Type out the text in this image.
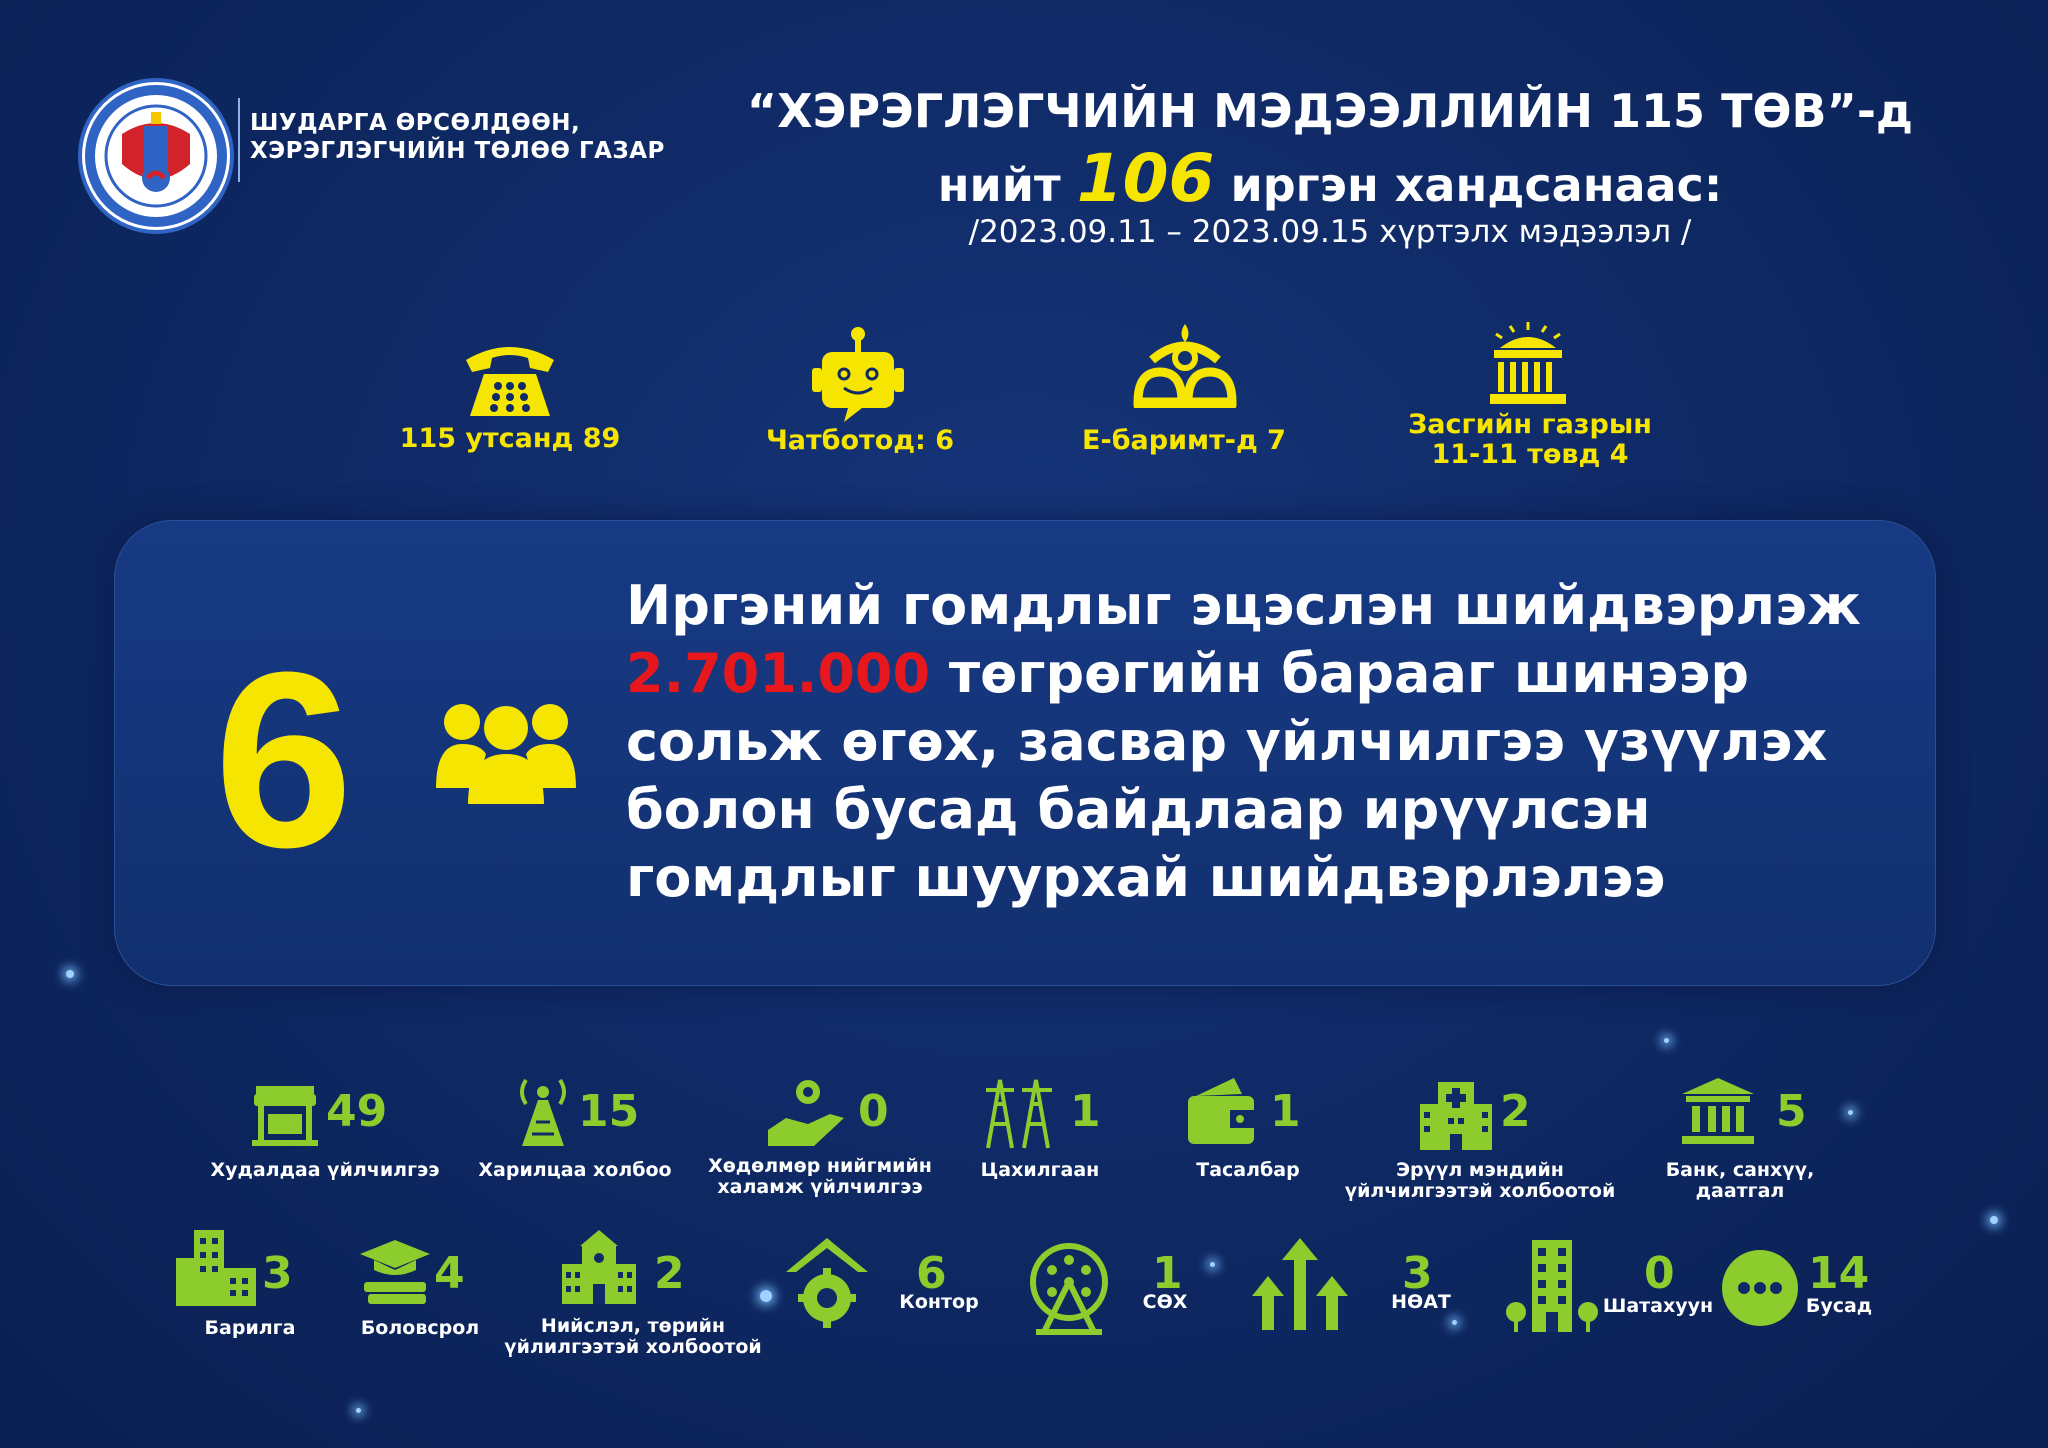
ШУДАРГА ӨРСӨЛДӨӨН,
ХЭРЭГЛЭГЧИЙН ТӨЛӨӨ ГАЗАР
“ХЭРЭГЛЭГЧИЙН МЭДЭЭЛЛИЙН 115 ТӨВ”-д
нийт 106 иргэн хандсанаас:
/2023.09.11 – 2023.09.15 хүртэлх мэдээлэл /
115 утсанд 89	Чатботод: 6	Е-баримт-д 7
Засгийн газрын
11-11 төвд 4
6
Иргэний гомдлыг эцэслэн шийдвэрлэж
2.701.000 төгрөгийн барааг шинээр
сольж өгөх, засвар үйлчилгээ үзүүлэх
болон бусад байдлаар ирүүлсэн
гомдлыг шуурхай шийдвэрлэлээ
49
Худалдаа үйлчилгээ
15
Харилцаа холбоо
0
Хөдөлмөр нийгмийн
халамж үйлчилгээ
1
Цахилгаан
1
Тасалбар
2
Эрүүл мэндийн
үйлчилгээтэй холбоотой
5
Банк, санхүү,
даатгал
3
Барилга
4
Боловсрол
2
Нийслэл, төрийн
үйлилгээтэй холбоотой
6
Контор
1
СӨХ
3
НӨАТ
0
Шатахуун
14
Бусад
